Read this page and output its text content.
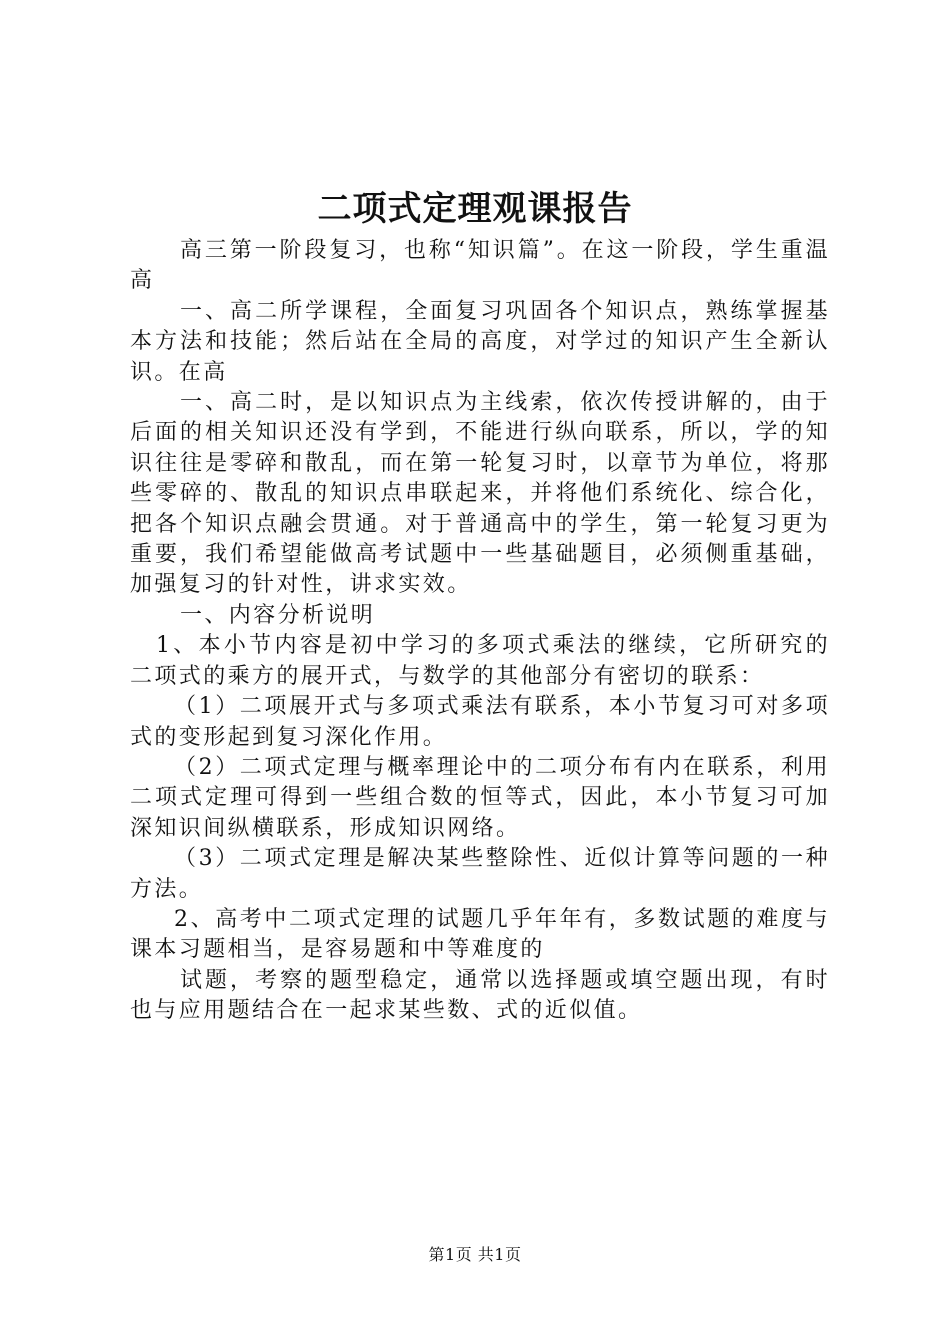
二项式定理观课报告

高三第一阶段复习，也称“知识篇”。在这一阶段，学生重温高

一、高二所学课程，全面复习巩固各个知识点，熟练掌握基本方法和技能；然后站在全局的高度，对学过的知识产生全新认识。在高

一、高二时，是以知识点为主线索，依次传授讲解的，由于后面的相关知识还没有学到，不能进行纵向联系，所以，学的知识往往是零碎和散乱，而在第一轮复习时，以章节为单位，将那些零碎的、散乱的知识点串联起来，并将他们系统化、综合化，把各个知识点融会贯通。对于普通高中的学生，第一轮复习更为重要，我们希望能做高考试题中一些基础题目，必须侧重基础，加强复习的针对性，讲求实效。

一、内容分析说明

1、本小节内容是初中学习的多项式乘法的继续，它所研究的二项式的乘方的展开式，与数学的其他部分有密切的联系：

（1）二项展开式与多项式乘法有联系，本小节复习可对多项式的变形起到复习深化作用。

（2）二项式定理与概率理论中的二项分布有内在联系，利用二项式定理可得到一些组合数的恒等式，因此，本小节复习可加深知识间纵横联系，形成知识网络。

（3）二项式定理是解决某些整除性、近似计算等问题的一种方法。

2、高考中二项式定理的试题几乎年年有，多数试题的难度与课本习题相当，是容易题和中等难度的

试题，考察的题型稳定，通常以选择题或填空题出现，有时也与应用题结合在一起求某些数、式的近似值。

第1页 共1页
